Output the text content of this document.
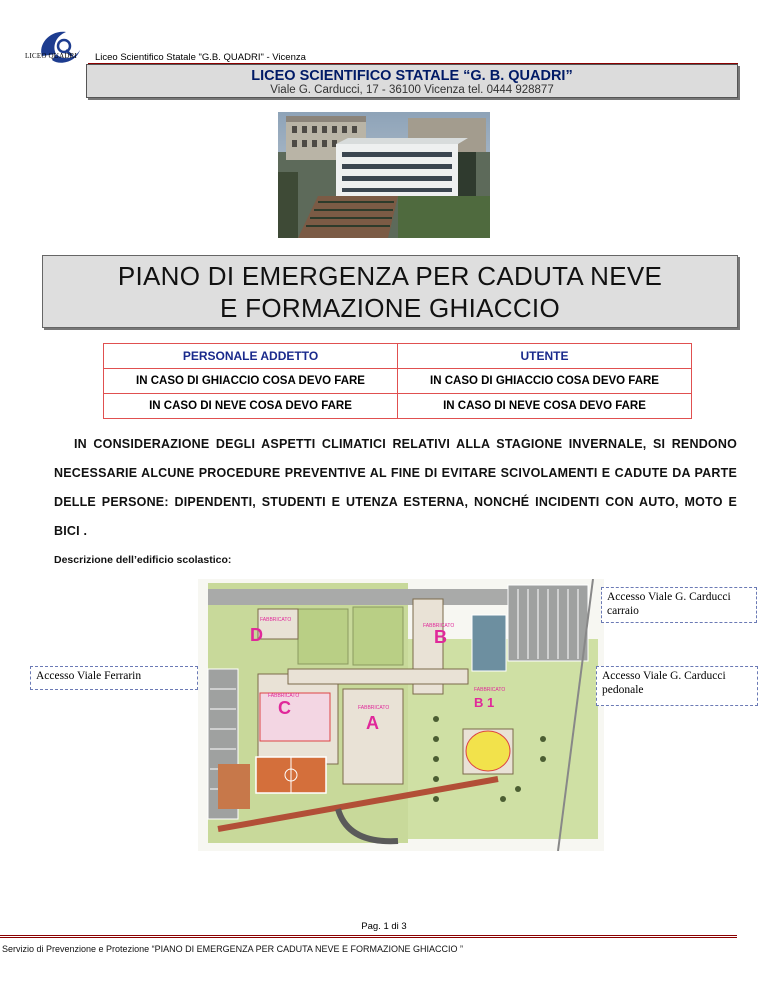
LICEO QUADRI Liceo Scientifico Statale "G.B. QUADRI" - Vicenza
LICEO SCIENTIFICO STATALE “G. B. QUADRI”
Viale G. Carducci, 17 - 36100 Vicenza tel. 0444 928877
PIANO DI EMERGENZA PER CADUTA NEVE
E FORMAZIONE GHIACCIO
PERSONALE ADDETTO	UTENTE
IN CASO DI GHIACCIO COSA DEVO FARE	IN CASO DI GHIACCIO COSA DEVO FARE
IN CASO DI NEVE COSA DEVO FARE	IN CASO DI NEVE COSA DEVO FARE
IN CONSIDERAZIONE DEGLI ASPETTI CLIMATICI RELATIVI ALLA STAGIONE INVERNALE, SI RENDONO NECESSARIE ALCUNE PROCEDURE PREVENTIVE AL FINE DI EVITARE SCIVOLAMENTI E CADUTE DA PARTE DELLE PERSONE: DIPENDENTI, STUDENTI E UTENZA ESTERNA, NONCHÉ INCIDENTI CON AUTO, MOTO E BICI .
Descrizione dell’edificio scolastico:
FABBRICATO
D	FABBRICATO
B
FABBRICATO
C	FABBRICATO
A
FABBRICATO
B 1
Accesso Viale Ferrarin
Accesso Viale G. Carducci
carraio
Accesso Viale G. Carducci
pedonale
Pag. 1 di 3
Servizio di Prevenzione e Protezione “PIANO DI EMERGENZA PER CADUTA NEVE E FORMAZIONE GHIACCIO ”
